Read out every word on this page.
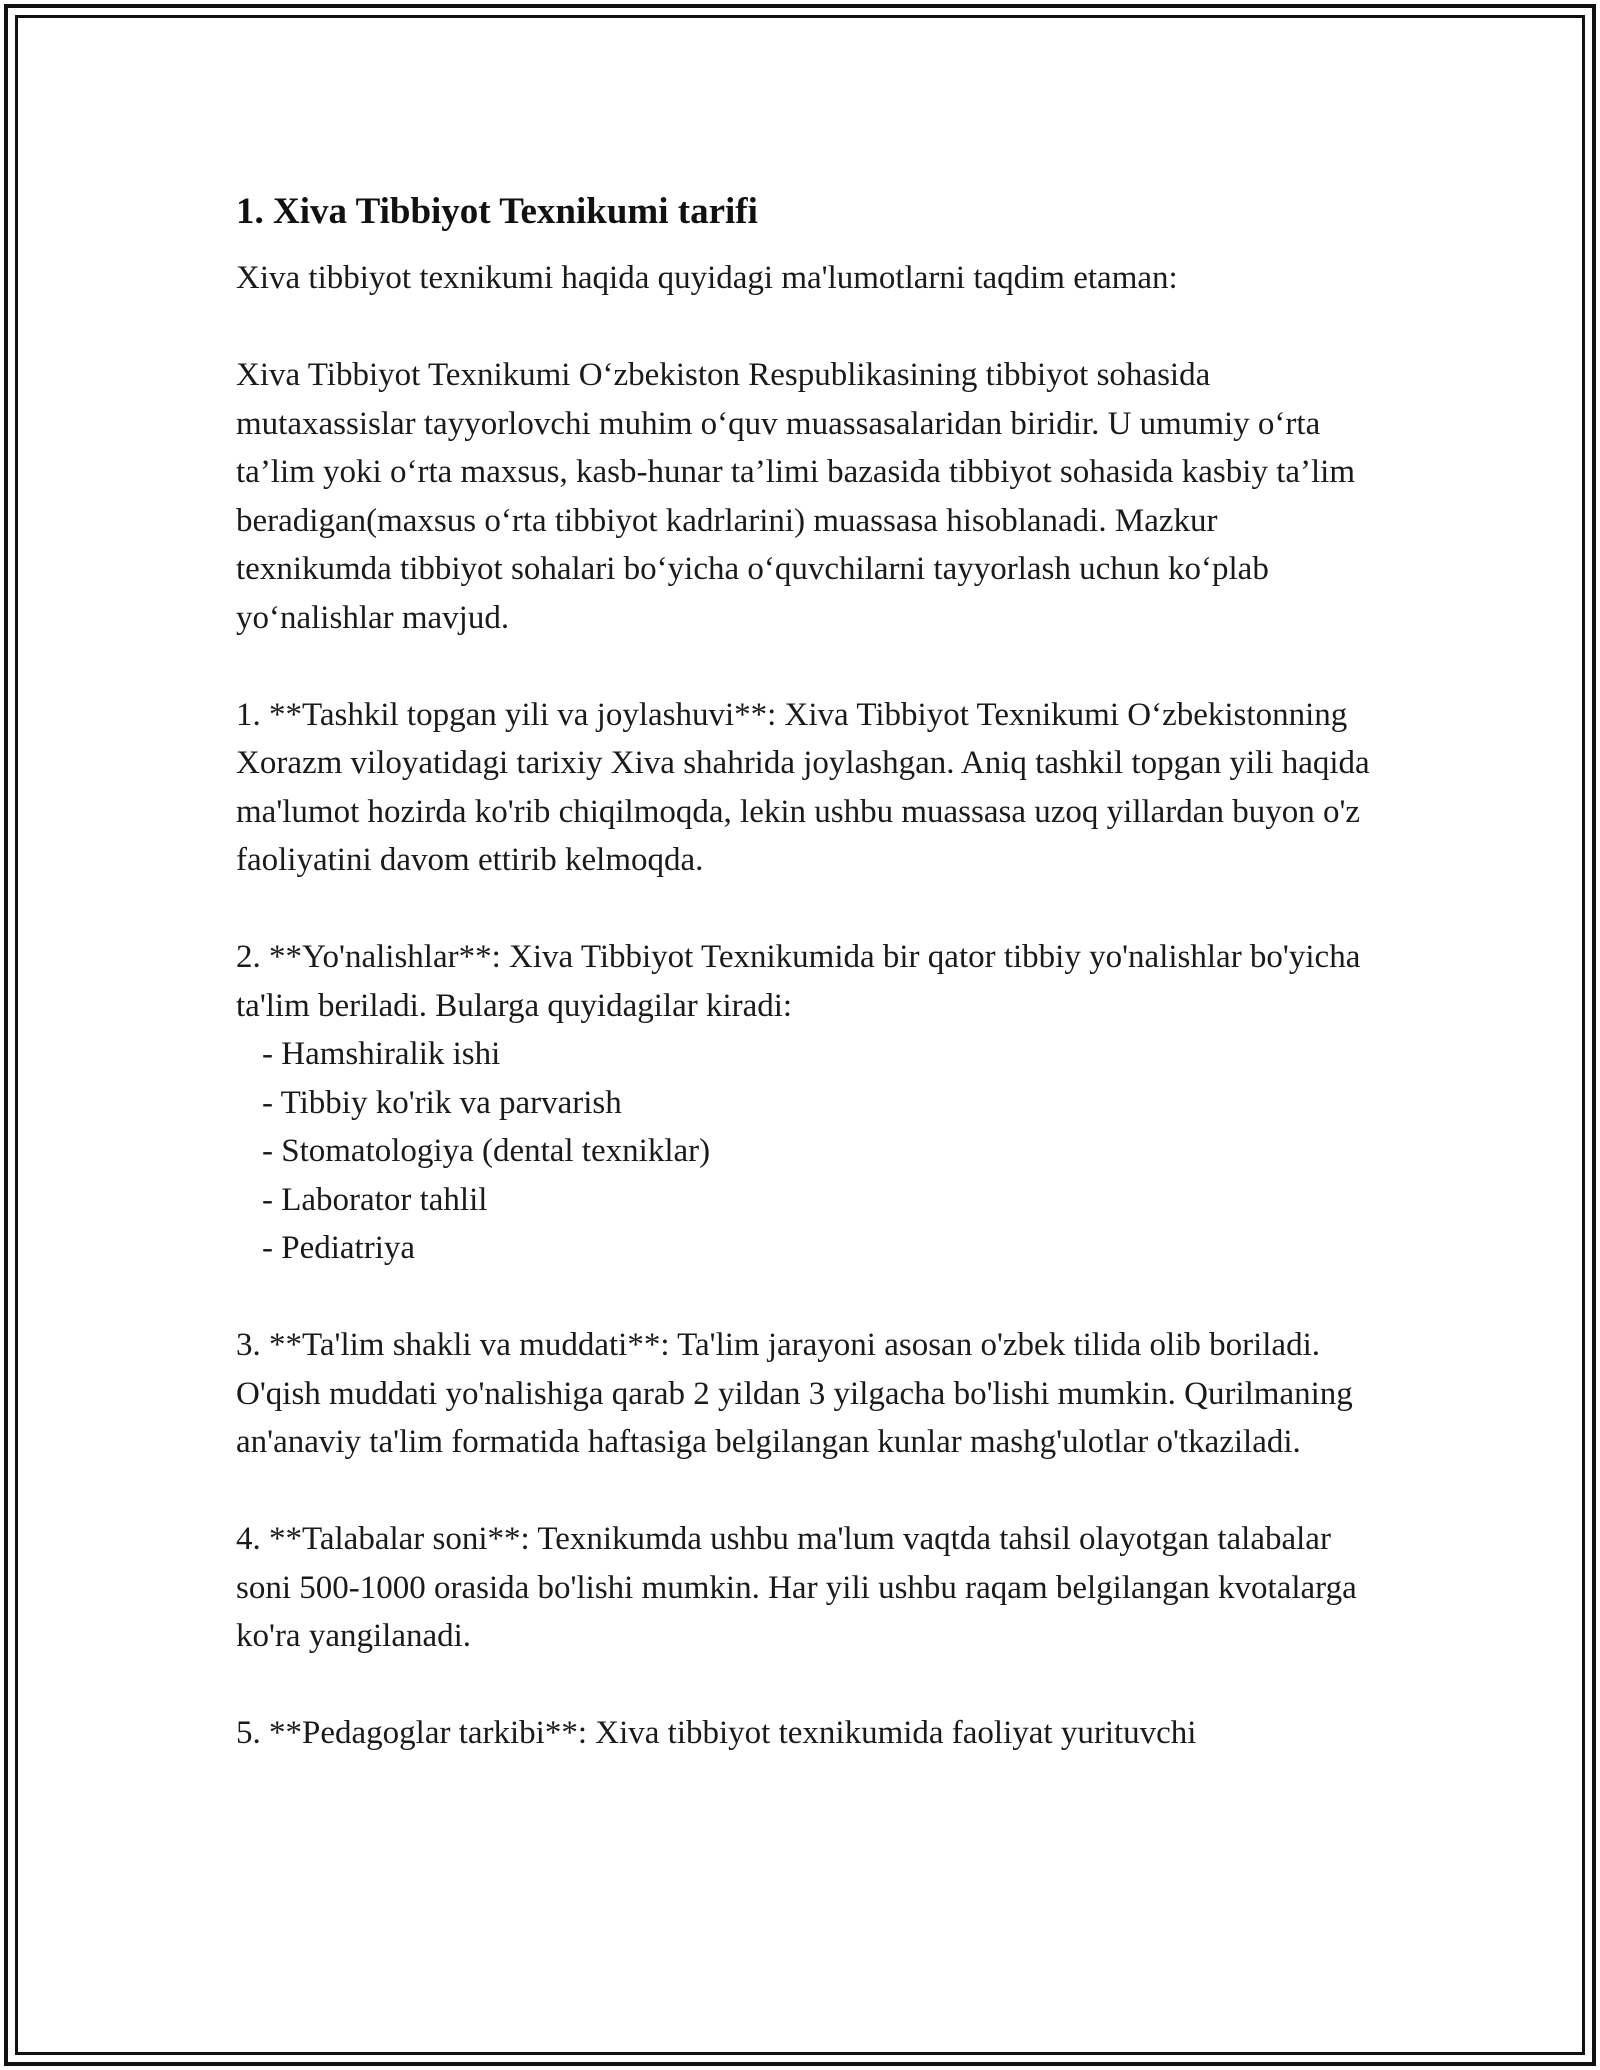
1. Xiva Tibbiyot Texnikumi tarifi

Xiva tibbiyot texnikumi haqida quyidagi ma'lumotlarni taqdim etaman:

Xiva Tibbiyot Texnikumi O‘zbekiston Respublikasining tibbiyot sohasida mutaxassislar tayyorlovchi muhim o‘quv muassasalaridan biridir. U umumiy o‘rta ta’lim yoki o‘rta maxsus, kasb-hunar ta’limi bazasida tibbiyot sohasida kasbiy ta’lim beradigan(maxsus o‘rta tibbiyot kadrlarini) muassasa hisoblanadi. Mazkur texnikumda tibbiyot sohalari bo‘yicha o‘quvchilarni tayyorlash uchun ko‘plab yo‘nalishlar mavjud.

1. **Tashkil topgan yili va joylashuvi**: Xiva Tibbiyot Texnikumi O‘zbekistonning Xorazm viloyatidagi tarixiy Xiva shahrida joylashgan. Aniq tashkil topgan yili haqida ma'lumot hozirda ko'rib chiqilmoqda, lekin ushbu muassasa uzoq yillardan buyon o'z faoliyatini davom ettirib kelmoqda.

2. **Yo'nalishlar**: Xiva Tibbiyot Texnikumida bir qator tibbiy yo'nalishlar bo'yicha ta'lim beriladi. Bularga quyidagilar kiradi:

- Hamshiralik ishi

- Tibbiy ko'rik va parvarish

- Stomatologiya (dental texniklar)

- Laborator tahlil

- Pediatriya

3. **Ta'lim shakli va muddati**: Ta'lim jarayoni asosan o'zbek tilida olib boriladi. O'qish muddati yo'nalishiga qarab 2 yildan 3 yilgacha bo'lishi mumkin. Qurilmaning an'anaviy ta'lim formatida haftasiga belgilangan kunlar mashg'ulotlar o'tkaziladi.

4. **Talabalar soni**: Texnikumda ushbu ma'lum vaqtda tahsil olayotgan talabalar soni 500-1000 orasida bo'lishi mumkin. Har yili ushbu raqam belgilangan kvotalarga ko'ra yangilanadi.

5. **Pedagoglar tarkibi**: Xiva tibbiyot texnikumida faoliyat yurituvchi
